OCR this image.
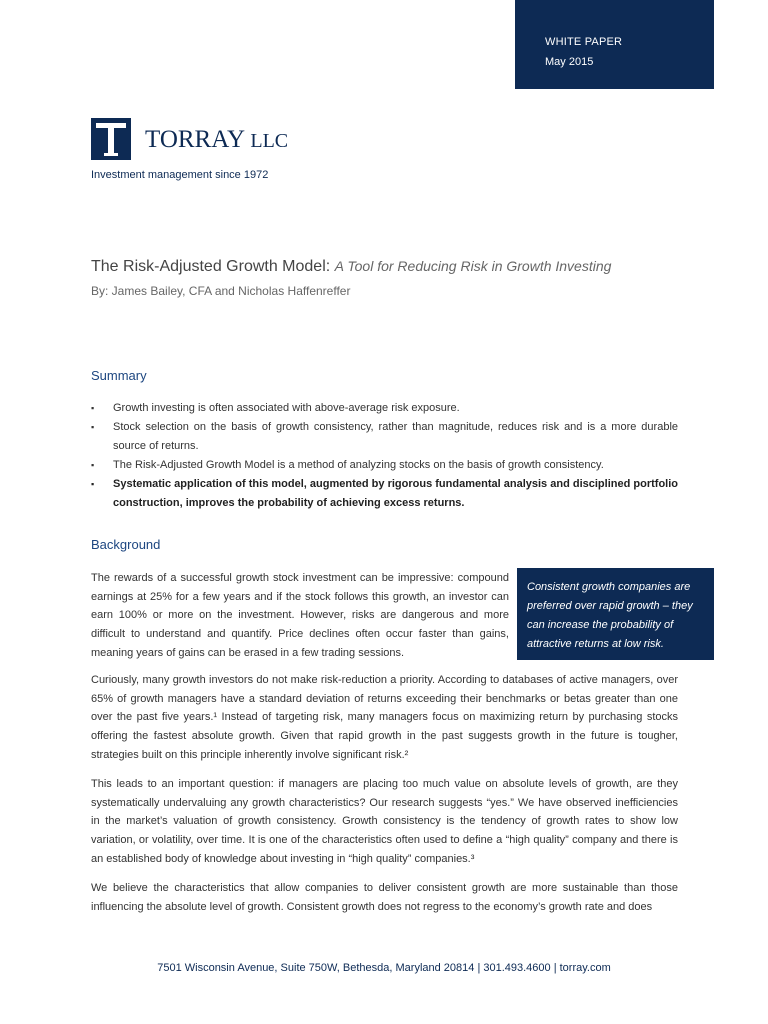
WHITE PAPER
May 2015
TORRAY LLC
Investment management since 1972
The Risk-Adjusted Growth Model: A Tool for Reducing Risk in Growth Investing
By: James Bailey, CFA and Nicholas Haffenreffer
Summary
▪ Growth investing is often associated with above-average risk exposure.
▪ Stock selection on the basis of growth consistency, rather than magnitude, reduces risk and is a more durable source of returns.
▪ The Risk-Adjusted Growth Model is a method of analyzing stocks on the basis of growth consistency.
▪ Systematic application of this model, augmented by rigorous fundamental analysis and disciplined portfolio construction, improves the probability of achieving excess returns.
Background

The rewards of a successful growth stock investment can be impressive: compound earnings at 25% for a few years and if the stock follows this growth, an investor can earn 100% or more on the investment. However, risks are dangerous and more difficult to understand and quantify. Price declines often occur faster than gains, meaning years of gains can be erased in a few trading sessions.

Consistent growth companies are preferred over rapid growth – they can increase the probability of attractive returns at low risk.

Curiously, many growth investors do not make risk-reduction a priority. According to databases of active managers, over 65% of growth managers have a standard deviation of returns exceeding their benchmarks or betas greater than one over the past five years.¹ Instead of targeting risk, many managers focus on maximizing return by purchasing stocks offering the fastest absolute growth. Given that rapid growth in the past suggests growth in the future is tougher, strategies built on this principle inherently involve significant risk.²

This leads to an important question: if managers are placing too much value on absolute levels of growth, are they systematically undervaluing any growth characteristics? Our research suggests “yes.” We have observed inefficiencies in the market’s valuation of growth consistency. Growth consistency is the tendency of growth rates to show low variation, or volatility, over time. It is one of the characteristics often used to define a “high quality” company and there is an established body of knowledge about investing in “high quality” companies.³

We believe the characteristics that allow companies to deliver consistent growth are more sustainable than those influencing the absolute level of growth. Consistent growth does not regress to the economy’s growth rate and does

7501 Wisconsin Avenue, Suite 750W, Bethesda, Maryland 20814 | 301.493.4600 | torray.com
